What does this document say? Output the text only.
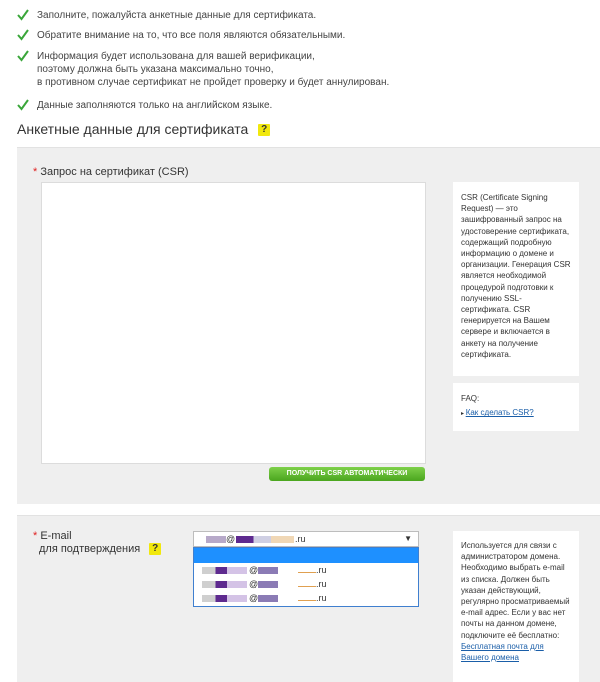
Заполните, пожалуйста анкетные данные для сертификата.
Обратите внимание на то, что все поля являются обязательными.
Информация будет использована для вашей верификации,
поэтому должна быть указана максимально точно,
в противном случае сертификат не пройдет проверку и будет аннулирован.
Данные заполняются только на английском языке.
Анкетные данные для сертификата ?
* Запрос на сертификат (CSR)
ПОЛУЧИТЬ CSR АВТОМАТИЧЕСКИ
CSR (Certificate Signing Request) — это зашифрованный запрос на удостоверение сертификата, содержащий подробную информацию о домене и организации. Генерация CSR является необходимой процедурой подготовки к получению SSL-сертификата. CSR генерируется на Вашем сервере и включается в анкету на получение сертификата.
FAQ:
▸ Как сделать CSR?
* E-mail
для подтверждения ?
@	.ru	▼
@	.ru
@	.ru
@	.ru
Используется для связи с администратором домена. Необходимо выбрать e-mail из списка. Должен быть указан действующий, регулярно просматриваемый e-mail адрес. Если у вас нет почты на данном домене, подключите её бесплатно: Бесплатная почта для Вашего домена
